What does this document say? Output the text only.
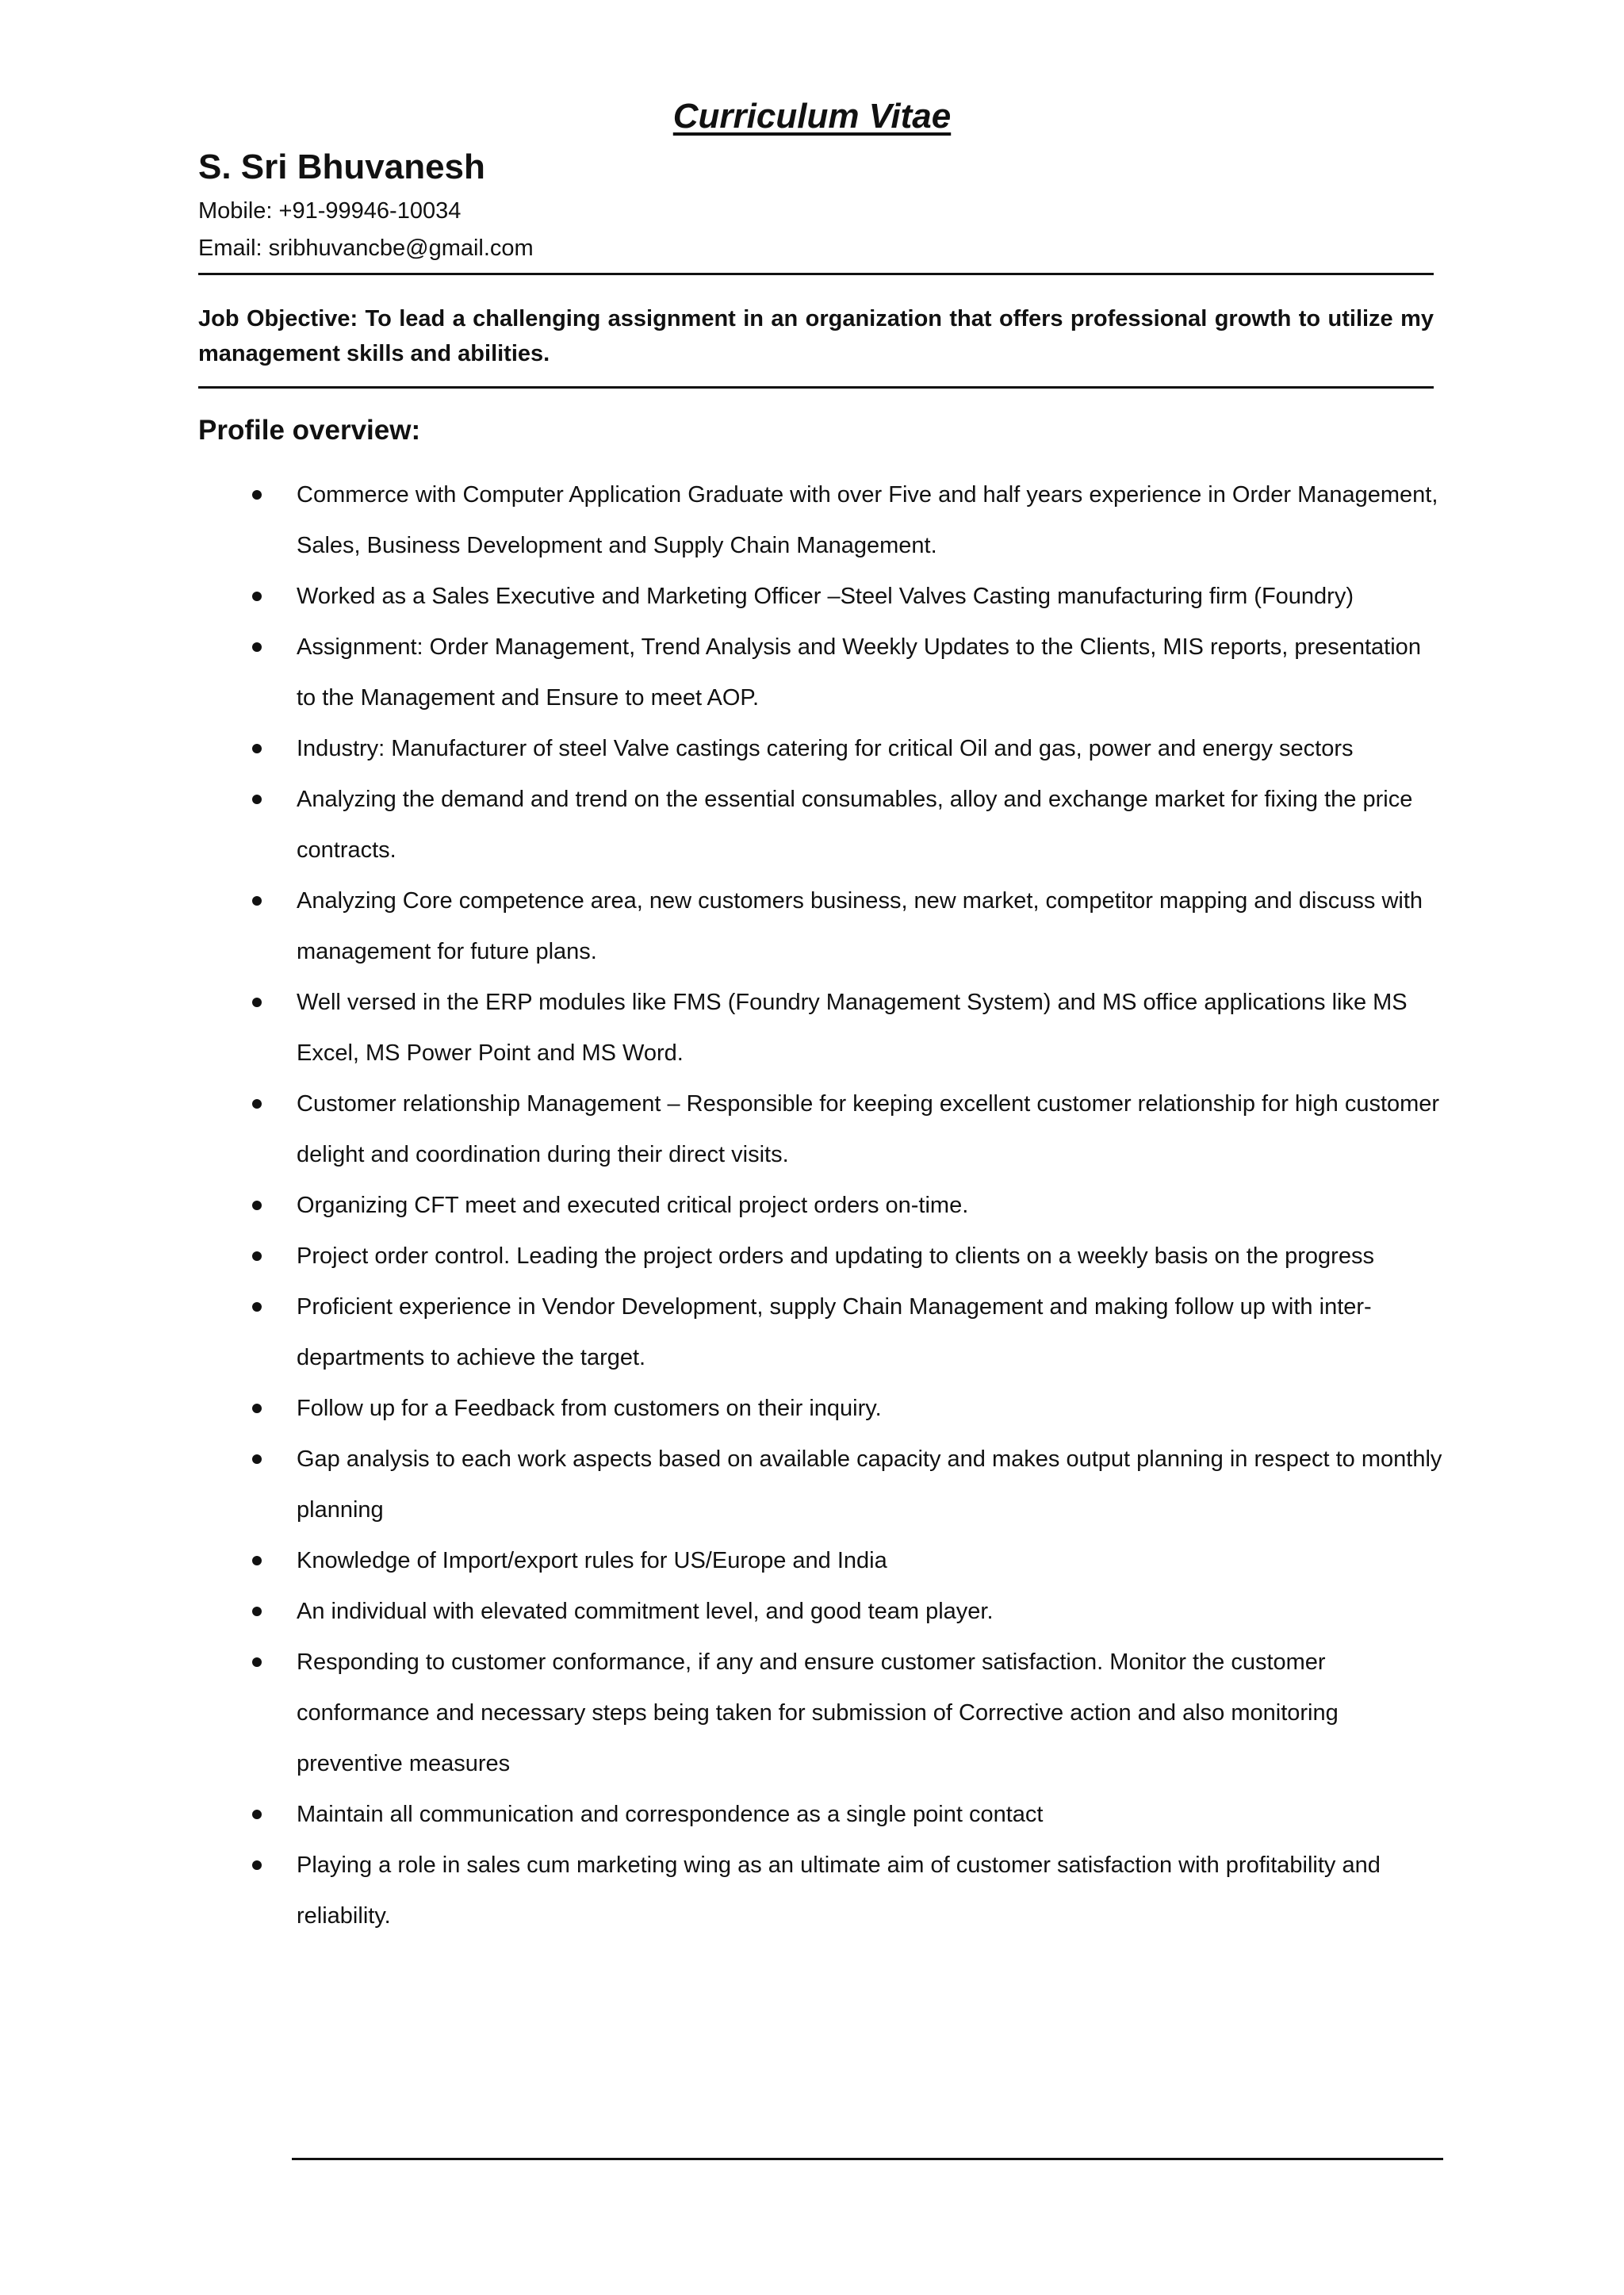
Curriculum Vitae
S. Sri Bhuvanesh

Mobile: +91-99946-10034

Email: sribhuvancbe@gmail.com

Job Objective: To lead a challenging assignment in an organization that offers professional growth to utilize my management skills and abilities.

Profile overview:
Commerce with Computer Application Graduate with over Five and half years experience in Order Management, Sales, Business Development and Supply Chain Management.
Worked as a Sales Executive and Marketing Officer –Steel Valves Casting manufacturing firm (Foundry)
Assignment: Order Management, Trend Analysis and Weekly Updates to the Clients, MIS reports, presentation to the Management and Ensure to meet AOP.
Industry: Manufacturer of steel Valve castings catering for critical Oil and gas, power and energy sectors
Analyzing the demand and trend on the essential consumables, alloy and exchange market for fixing the price contracts.
Analyzing Core competence area, new customers business, new market, competitor mapping and discuss with management for future plans.
Well versed in the ERP modules like FMS (Foundry Management System) and MS office applications like MS Excel, MS Power Point and MS Word.
Customer relationship Management – Responsible for keeping excellent customer relationship for high customer delight and coordination during their direct visits.
Organizing CFT meet and executed critical project orders on-time.
Project order control. Leading the project orders and updating to clients on a weekly basis on the progress
Proficient experience in Vendor Development, supply Chain Management and making follow up with inter-departments to achieve the target.
Follow up for a Feedback from customers on their inquiry.
Gap analysis to each work aspects based on available capacity and makes output planning in respect to monthly planning
Knowledge of Import/export rules for US/Europe and India
An individual with elevated commitment level, and good team player.
Responding to customer conformance, if any and ensure customer satisfaction. Monitor the customer conformance and necessary steps being taken for submission of Corrective action and also monitoring preventive measures
Maintain all communication and correspondence as a single point contact
Playing a role in sales cum marketing wing as an ultimate aim of customer satisfaction with profitability and reliability.
